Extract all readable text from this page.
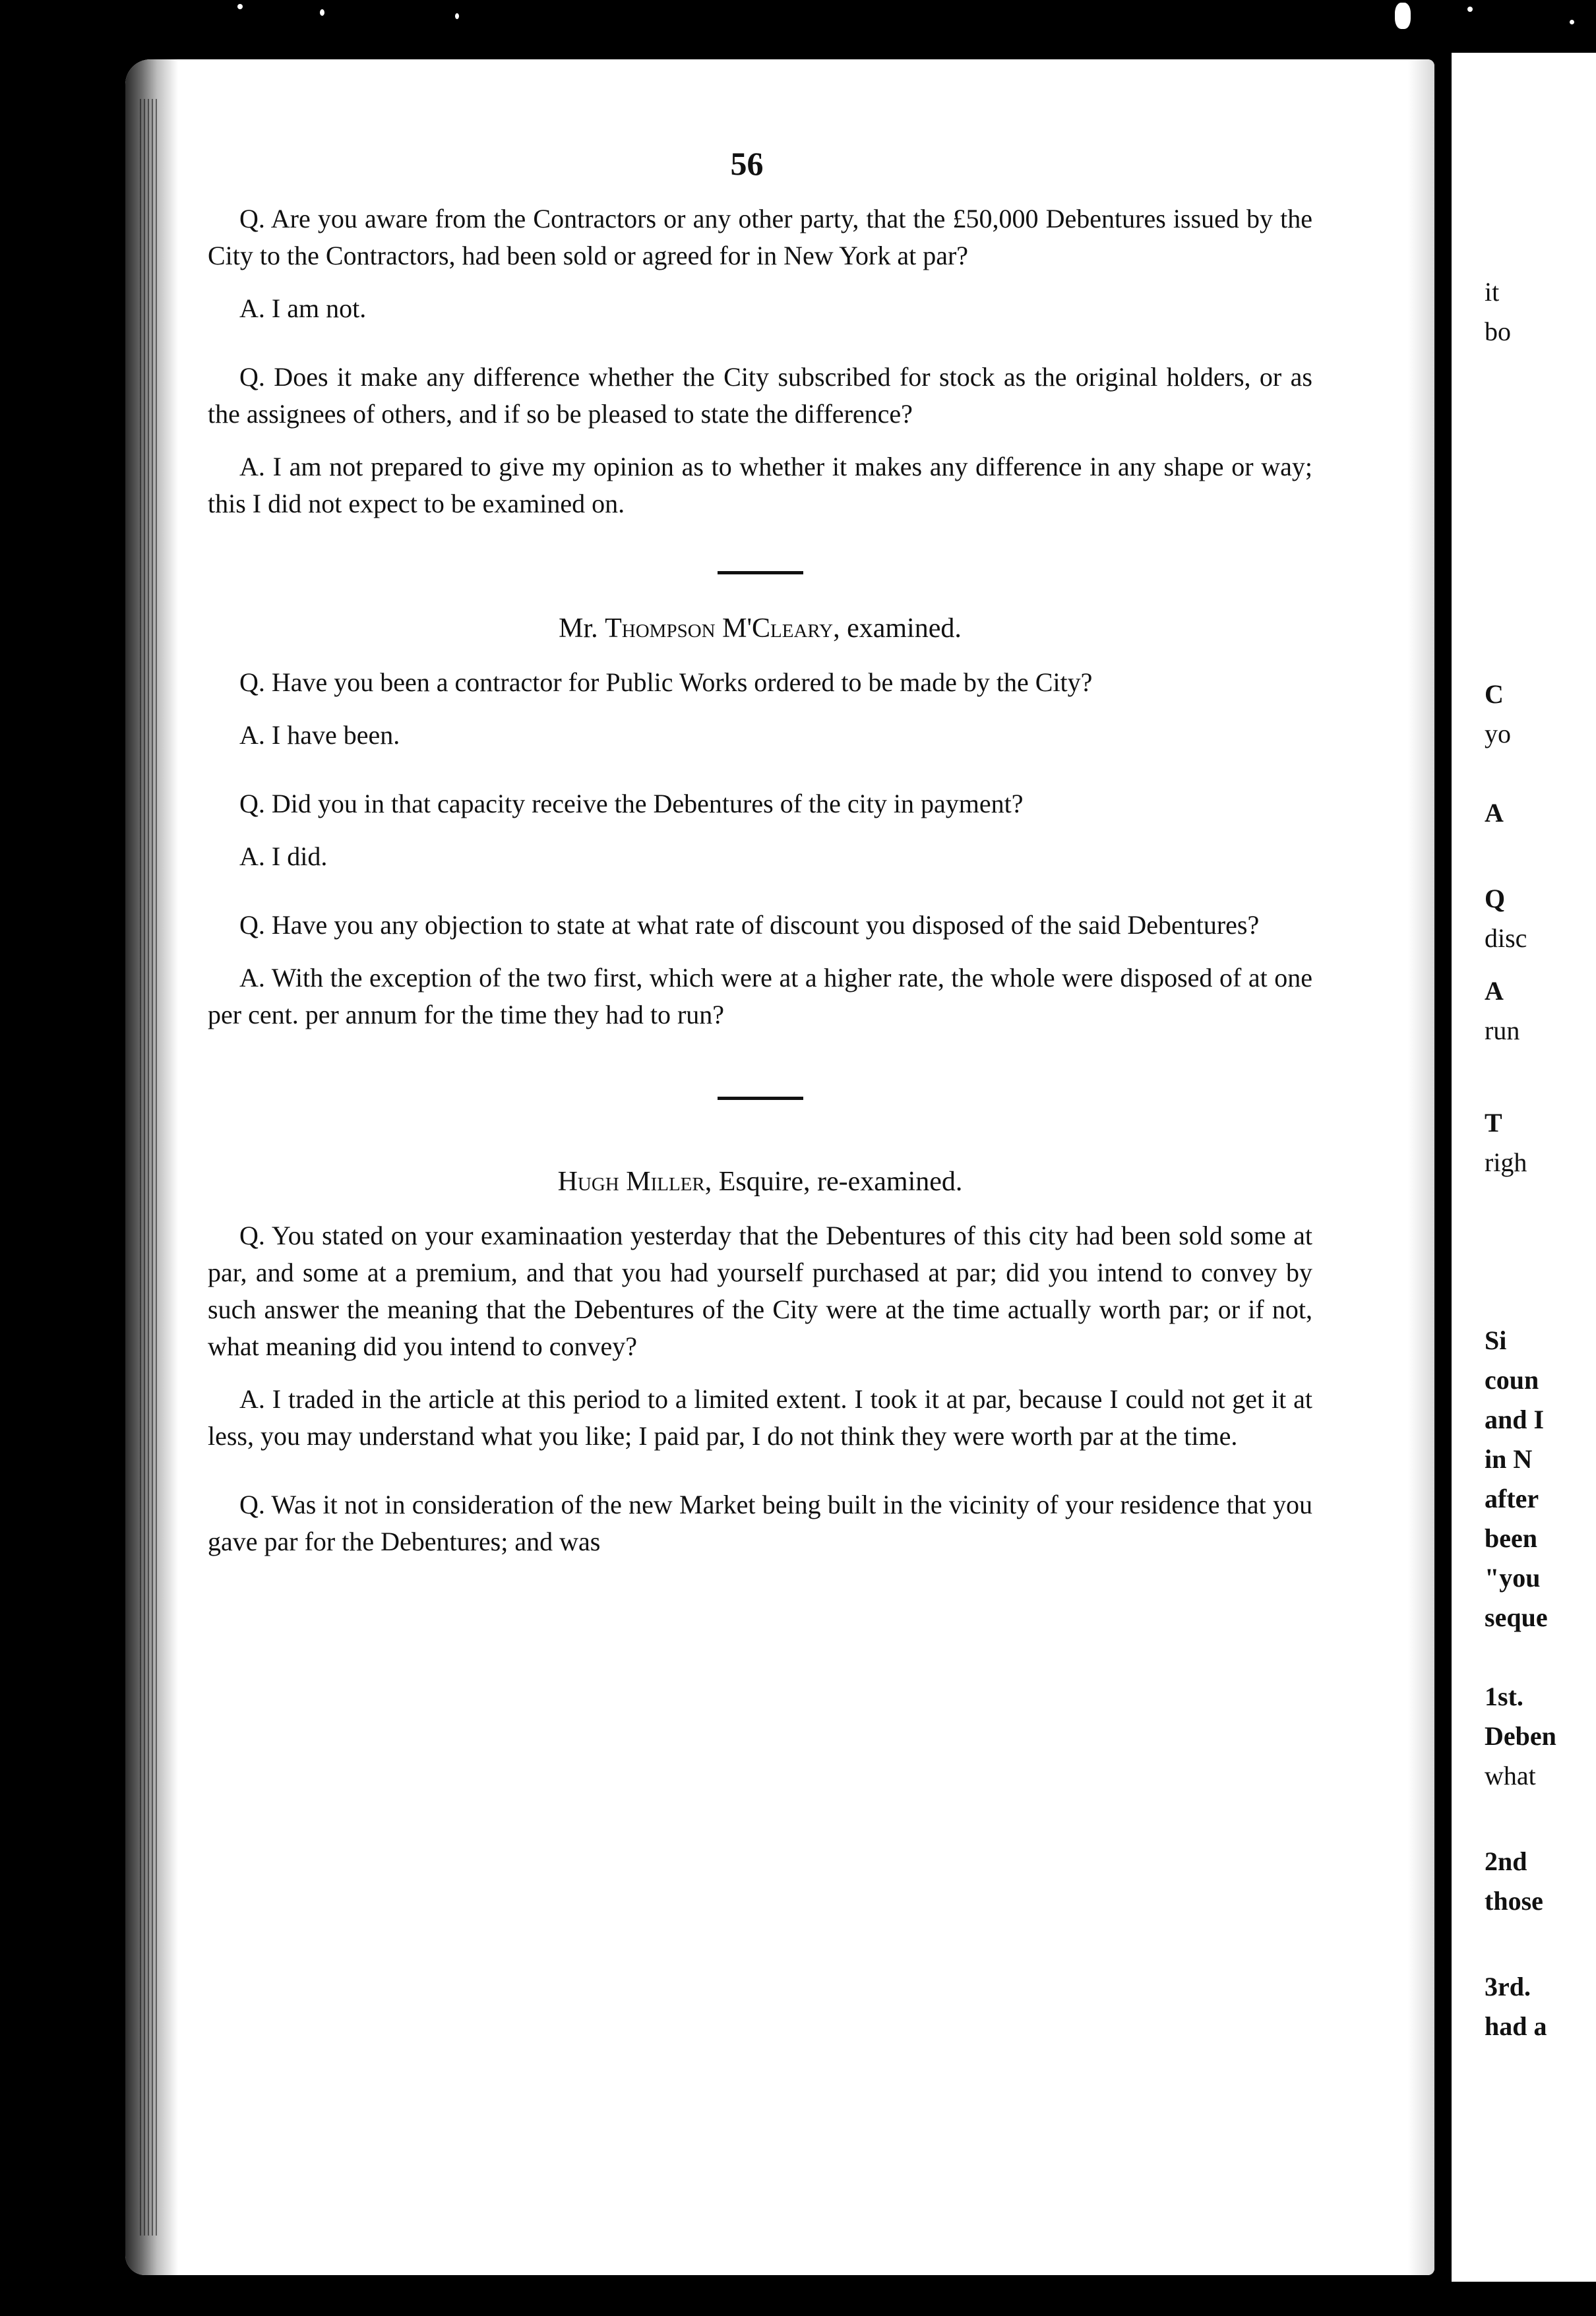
56

Q. Are you aware from the Contractors or any other party, that the £50,000 Debentures issued by the City to the Contractors, had been sold or agreed for in New York at par?

A. I am not.

Q. Does it make any difference whether the City subscribed for stock as the original holders, or as the assignees of others, and if so be pleased to state the difference?

A. I am not prepared to give my opinion as to whether it makes any difference in any shape or way; this I did not expect to be examined on.

Mr. Thompson M'Cleary, examined.

Q. Have you been a contractor for Public Works ordered to be made by the City?

A. I have been.

Q. Did you in that capacity receive the Debentures of the city in payment?

A. I did.

Q. Have you any objection to state at what rate of discount you disposed of the said Debentures?

A. With the exception of the two first, which were at a higher rate, the whole were disposed of at one per cent. per annum for the time they had to run?

Hugh Miller, Esquire, re-examined.

Q. You stated on your examinaation yesterday that the Debentures of this city had been sold some at par, and some at a premium, and that you had yourself purchased at par; did you intend to convey by such answer the meaning that the Debentures of the City were at the time actually worth par; or if not, what meaning did you intend to convey?

A. I traded in the article at this period to a limited extent. I took it at par, because I could not get it at less, you may understand what you like; I paid par, I do not think they were worth par at the time.

Q. Was it not in consideration of the new Market being built in the vicinity of your residence that you gave par for the Debentures; and was

it
bo
C
yo
A
Q
disc
A
run
T
righ
Si
coun
and I
in N
after
been
"you
seque
1st.
Deben
what
2nd
those
3rd.
had a
